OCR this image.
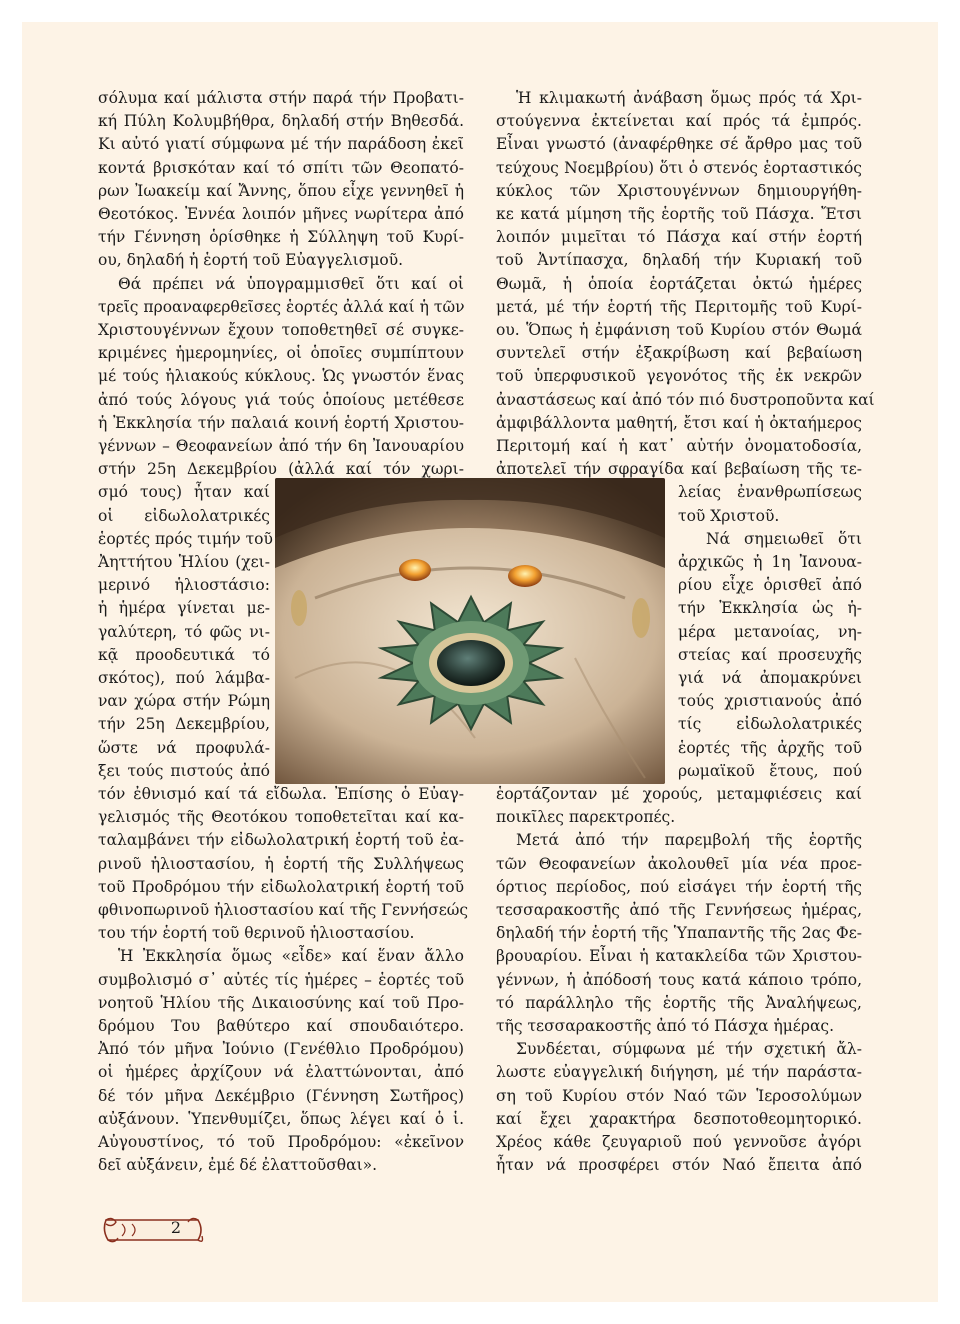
σόλυμα καί μάλιστα στήν παρά τήν Προβατι-
κή Πύλη Κολυμβήθρα, δηλαδή στήν Βηθεσδά.
Κι αὐτό γιατί σύμφωνα μέ τήν παράδοση ἐκεῖ
κοντά βρισκόταν καί τό σπίτι τῶν Θεοπατό-
ρων Ἰωακείμ καί Ἄννης, ὅπου εἶχε γεννηθεῖ ἡ
Θεοτόκος. Ἐννέα λοιπόν μῆνες νωρίτερα ἀπό
τήν Γέννηση ὁρίσθηκε ἡ Σύλληψη τοῦ Κυρί-
ου, δηλαδή ἡ ἑορτή τοῦ Εὐαγγελισμοῦ.
Θά πρέπει νά ὑπογραμμισθεῖ ὅτι καί οἱ
τρεῖς προαναφερθεῖσες ἑορτές ἀλλά καί ἡ τῶν
Χριστουγέννων ἔχουν τοποθετηθεῖ σέ συγκε-
κριμένες ἡμερομηνίες, οἱ ὁποῖες συμπίπτουν
μέ τούς ἡλιακούς κύκλους. Ὡς γνωστόν ἕνας
ἀπό τούς λόγους γιά τούς ὁποίους μετέθεσε
ἡ Ἐκκλησία τήν παλαιά κοινή ἑορτή Χριστου-
γέννων – Θεοφανείων ἀπό τήν 6η Ἰανουαρίου
στήν 25η Δεκεμβρίου (ἀλλά καί τόν χωρι-
σμό τους) ἦταν καί
οἱ εἰδωλολατρικές
ἑορτές πρός τιμήν τοῦ
Ἀηττήτου Ἡλίου (χει-
μερινό ἡλιοστάσιο:
ἡ ἡμέρα γίνεται με-
γαλύτερη, τό φῶς νι-
κᾷ προοδευτικά τό
σκότος), πού λάμβα-
ναν χώρα στήν Ρώμη
τήν 25η Δεκεμβρίου,
ὥστε νά προφυλά-
ξει τούς πιστούς ἀπό
τόν ἐθνισμό καί τά εἴδωλα. Ἐπίσης ὁ Εὐαγ-
γελισμός τῆς Θεοτόκου τοποθετεῖται καί κα-
ταλαμβάνει τήν εἰδωλολατρική ἑορτή τοῦ ἐα-
ρινοῦ ἡλιοστασίου, ἡ ἑορτή τῆς Συλλήψεως
τοῦ Προδρόμου τήν εἰδωλολατρική ἑορτή τοῦ
φθινοπωρινοῦ ἡλιοστασίου καί τῆς Γεννήσεώς
του τήν ἑορτή τοῦ θερινοῦ ἡλιοστασίου.
Ἡ Ἐκκλησία ὅμως «εἶδε» καί ἕναν ἄλλο
συμβολισμό σ᾿ αὐτές τίς ἡμέρες – ἑορτές τοῦ
νοητοῦ Ἡλίου τῆς Δικαιοσύνης καί τοῦ Προ-
δρόμου Του βαθύτερο καί σπουδαιότερο.
Ἀπό τόν μῆνα Ἰούνιο (Γενέθλιο Προδρόμου)
οἱ ἡμέρες ἀρχίζουν νά ἐλαττώνονται, ἀπό
δέ τόν μῆνα Δεκέμβριο (Γέννηση Σωτῆρος)
αὐξάνουν. Ὑπενθυμίζει, ὅπως λέγει καί ὁ ἱ.
Αὐγουστίνος, τό τοῦ Προδρόμου: «ἐκεῖνον
δεῖ αὐξάνειν, ἐμέ δέ ἐλαττοῦσθαι».
Ἡ κλιμακωτή ἀνάβαση ὅμως πρός τά Χρι-
στούγεννα ἐκτείνεται καί πρός τά ἐμπρός.
Εἶναι γνωστό (ἀναφέρθηκε σέ ἄρθρο μας τοῦ
τεύχους Νοεμβρίου) ὅτι ὁ στενός ἑορταστικός
κύκλος τῶν Χριστουγέννων δημιουργήθη-
κε κατά μίμηση τῆς ἑορτῆς τοῦ Πάσχα. Ἔτσι
λοιπόν μιμεῖται τό Πάσχα καί στήν ἑορτή
τοῦ Ἀντίπασχα, δηλαδή τήν Κυριακή τοῦ
Θωμᾶ, ἡ ὁποία ἑορτάζεται ὀκτώ ἡμέρες
μετά, μέ τήν ἑορτή τῆς Περιτομῆς τοῦ Κυρί-
ου. Ὅπως ἡ ἐμφάνιση τοῦ Κυρίου στόν Θωμά
συντελεῖ στήν ἐξακρίβωση καί βεβαίωση
τοῦ ὑπερφυσικοῦ γεγονότος τῆς ἐκ νεκρῶν
ἀναστάσεως καί ἀπό τόν πιό δυστροποῦντα καί
ἀμφιβάλλοντα μαθητή, ἔτσι καί ἡ ὀκταήμερος
Περιτομή καί ἡ κατ᾿ αὐτήν ὀνοματοδοσία,
ἀποτελεῖ τήν σφραγίδα καί βεβαίωση τῆς τε-
λείας ἐνανθρωπίσεως
τοῦ Χριστοῦ.
Νά σημειωθεῖ ὅτι
ἀρχικῶς ἡ 1η Ἰανουα-
ρίου εἶχε ὁρισθεῖ ἀπό
τήν Ἐκκλησία ὡς ἡ-
μέρα μετανοίας, νη-
στείας καί προσευχῆς
γιά νά ἀπομακρύνει
τούς χριστιανούς ἀπό
τίς εἰδωλολατρικές
ἑορτές τῆς ἀρχῆς τοῦ
ρωμαϊκοῦ ἔτους, πού
ἑορτάζονταν μέ χορούς, μεταμφιέσεις καί
ποικῖλες παρεκτροπές.
Μετά ἀπό τήν παρεμβολή τῆς ἑορτῆς
τῶν Θεοφανείων ἀκολουθεῖ μία νέα προε-
όρτιος περίοδος, πού εἰσάγει τήν ἑορτή τῆς
τεσσαρακοστῆς ἀπό τῆς Γεννήσεως ἡμέρας,
δηλαδή τήν ἑορτή τῆς Ὑπαπαντῆς τῆς 2ας Φε-
βρουαρίου. Εἶναι ἡ κατακλείδα τῶν Χριστου-
γέννων, ἡ ἀπόδοσή τους κατά κάποιο τρόπο,
τό παράλληλο τῆς ἑορτῆς τῆς Ἀναλήψεως,
τῆς τεσσαρακοστῆς ἀπό τό Πάσχα ἡμέρας.
Συνδέεται, σύμφωνα μέ τήν σχετική ἄλ-
λωστε εὐαγγελική διήγηση, μέ τήν παράστα-
ση τοῦ Κυρίου στόν Ναό τῶν Ἱεροσολύμων
καί ἔχει χαρακτήρα δεσποτοθεομητορικό.
Χρέος κάθε ζευγαριοῦ πού γεννοῦσε ἀγόρι
ἦταν νά προσφέρει στόν Ναό ἔπειτα ἀπό
2
